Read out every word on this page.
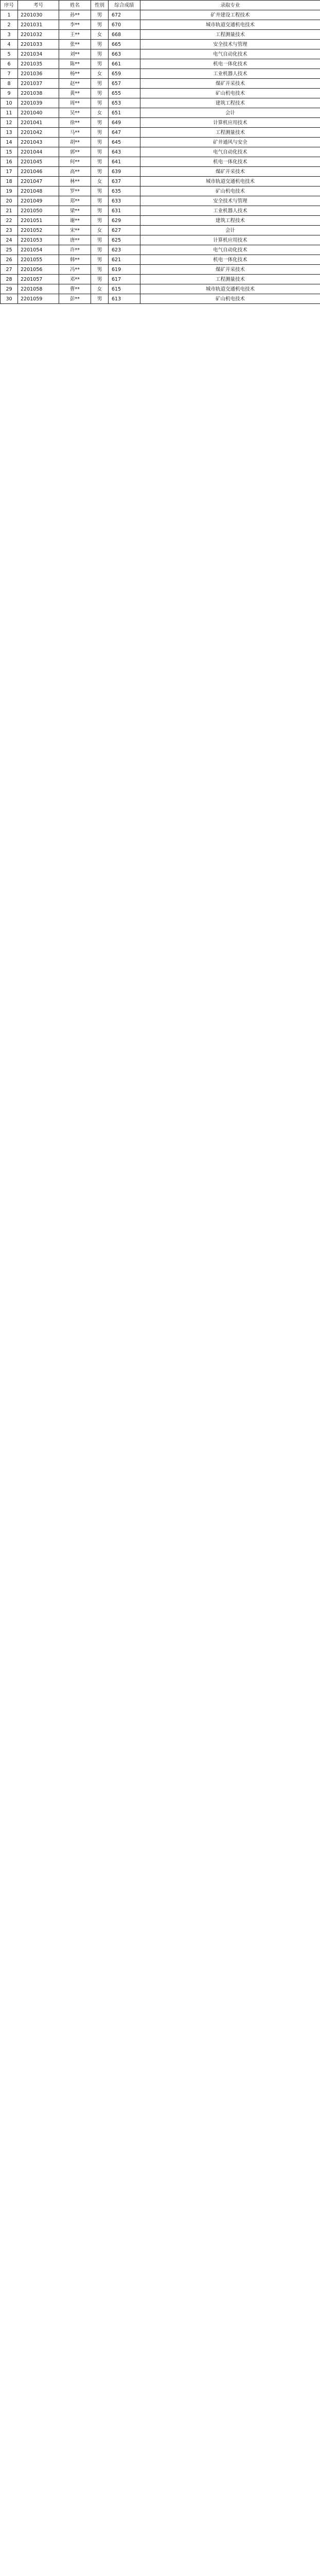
序号	考号	姓名	性别	综合成绩	录取专业
1	2201030	孙**	男	672	矿井建设工程技术
2	2201031	李**	男	670	城市轨道交通机电技术
3	2201032	王**	女	668	工程测量技术
4	2201033	张**	男	665	安全技术与管理
5	2201034	刘**	男	663	电气自动化技术
6	2201035	陈**	男	661	机电一体化技术
7	2201036	杨**	女	659	工业机器人技术
8	2201037	赵**	男	657	煤矿开采技术
9	2201038	黄**	男	655	矿山机电技术
10	2201039	周**	男	653	建筑工程技术
11	2201040	吴**	女	651	会计
12	2201041	徐**	男	649	计算机应用技术
13	2201042	马**	男	647	工程测量技术
14	2201043	胡**	男	645	矿井通风与安全
15	2201044	郭**	男	643	电气自动化技术
16	2201045	何**	男	641	机电一体化技术
17	2201046	高**	男	639	煤矿开采技术
18	2201047	林**	女	637	城市轨道交通机电技术
19	2201048	罗**	男	635	矿山机电技术
20	2201049	郑**	男	633	安全技术与管理
21	2201050	梁**	男	631	工业机器人技术
22	2201051	谢**	男	629	建筑工程技术
23	2201052	宋**	女	627	会计
24	2201053	唐**	男	625	计算机应用技术
25	2201054	许**	男	623	电气自动化技术
26	2201055	韩**	男	621	机电一体化技术
27	2201056	冯**	男	619	煤矿开采技术
28	2201057	邓**	男	617	工程测量技术
29	2201058	曹**	女	615	城市轨道交通机电技术
30	2201059	彭**	男	613	矿山机电技术
